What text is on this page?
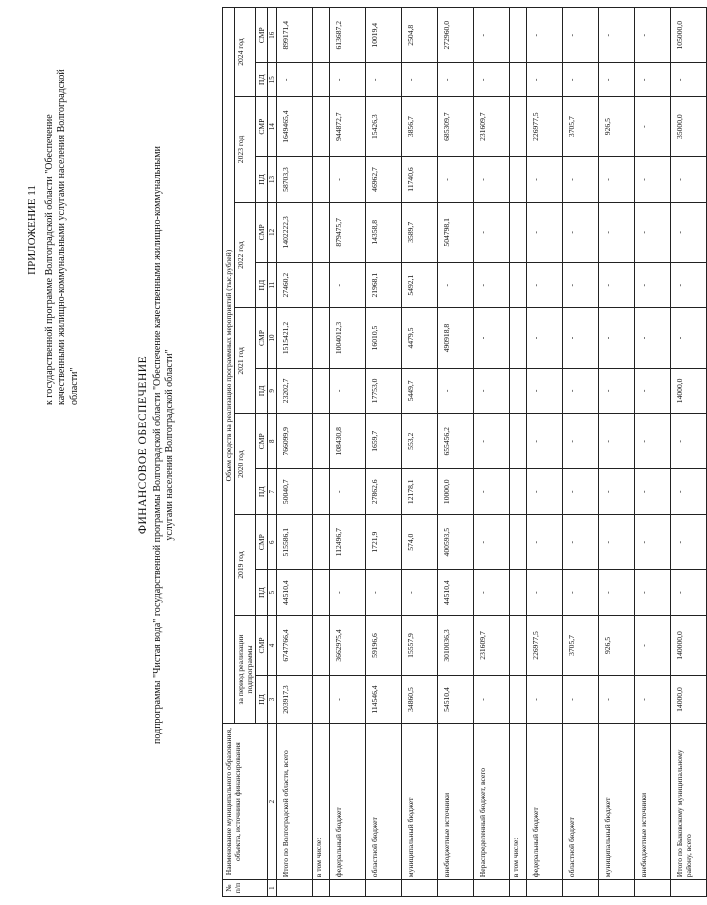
ПРИЛОЖЕНИЕ 11 к государственной программе Волгоградской области "Обеспечение качественными жилищно-коммунальными услугами населения Волгоградской области"	ФИНАНСОВОЕ ОБЕСПЕЧЕНИЕ подпрограммы "Чистая вода" государственной программы Волгоградской области "Обеспечение качественными жилищно-коммунальными услугами населения Волгоградской области"
№ п/п	Наименование муниципального образования, объекта, источники финансирования	Объем средств на реализацию программных мероприятий (тыс.рублей)													
		за период реализации подпрограммы		2019 год		2020 год		2021 год		2022 год		2023 год		2024 год	
		ПД	СМР	ПД	СМР	ПД	СМР	ПД	СМР	ПД	СМР	ПД	СМР	ПД	СМР
1	2	3	4	5	6	7	8	9	10	11	12	13	14	15	16
	Итого по Волгоградской области, всего	203917,3	6747766,4	44510,4	515586,1	50040,7	766099,9	23202,7	1515421,2	27460,2	1402222,3	58703,3	1649465,4	-	899171,4
	в том числе:														
	федеральный бюджет	-	3662975,4	-	112496,7	-	108430,8	-	1004012,3	-	879475,7	-	944872,7	-	613687,2
	областной бюджет	114546,4	59196,6	-	1721,9	27862,6	1659,7	17753,0	16010,5	21968,1	14358,8	46962,7	15426,3	-	10019,4
	муниципальный бюджет	34860,5	15557,9	-	574,0	12178,1	553,2	5449,7	4479,5	5492,1	3589,7	11740,6	3856,7	-	2504,8
	внебюджетные источники	54510,4	3010036,3	44510,4	400593,5	10000,0	655456,2	-	490918,8	-	504798,1	-	685309,7	-	272960,0
	Нераспределенный бюджет, всего	-	231609,7	-	-	-	-	-	-	-	-	-	231609,7	-	-
	в том числе:														
	федеральный бюджет	-	226977,5	-	-	-	-	-	-	-	-	-	226977,5	-	-
	областной бюджет	-	3705,7	-	-	-	-	-	-	-	-	-	3705,7	-	-
	муниципальный бюджет	-	926,5	-	-	-	-	-	-	-	-	-	926,5	-	-
	внебюджетные источники	-	-	-	-	-	-	-	-	-	-	-	-	-	-
	Итого по Быковскому муниципальному району, всего	14000,0	140000,0	-	-	-	-	14000,0	-	-	-	-	35000,0	-	105000,0
